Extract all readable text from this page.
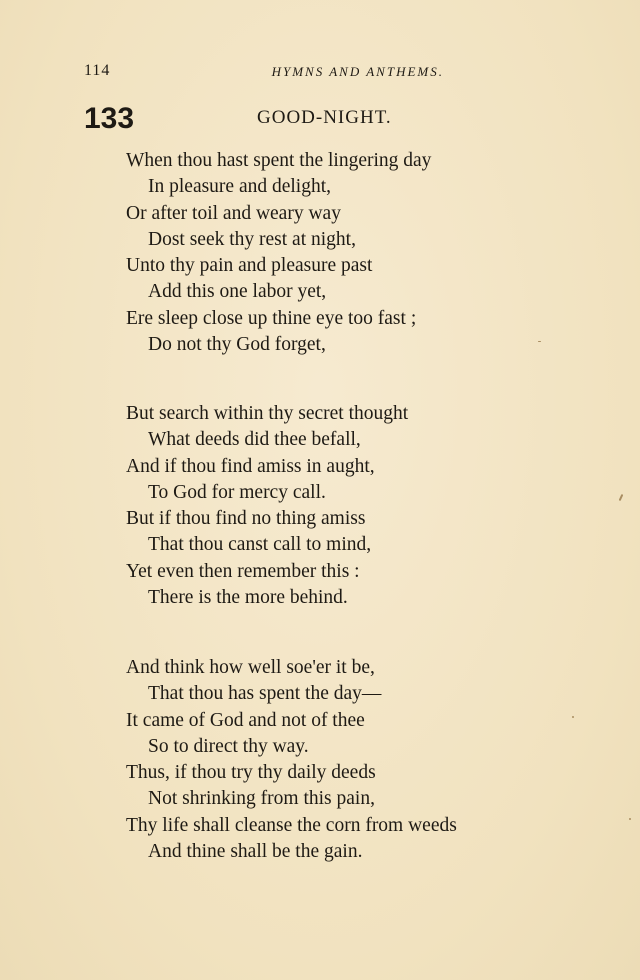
114	HYMNS AND ANTHEMS.
133	GOOD-NIGHT.
When thou hast spent the lingering day
In pleasure and delight,
Or after toil and weary way
Dost seek thy rest at night,
Unto thy pain and pleasure past
Add this one labor yet,
Ere sleep close up thine eye too fast ;
Do not thy God forget,
But search within thy secret thought
What deeds did thee befall,
And if thou find amiss in aught,
To God for mercy call.
But if thou find no thing amiss
That thou canst call to mind,
Yet even then remember this :
There is the more behind.
And think how well soe'er it be,
That thou has spent the day—
It came of God and not of thee
So to direct thy way.
Thus, if thou try thy daily deeds
Not shrinking from this pain,
Thy life shall cleanse the corn from weeds
And thine shall be the gain.
